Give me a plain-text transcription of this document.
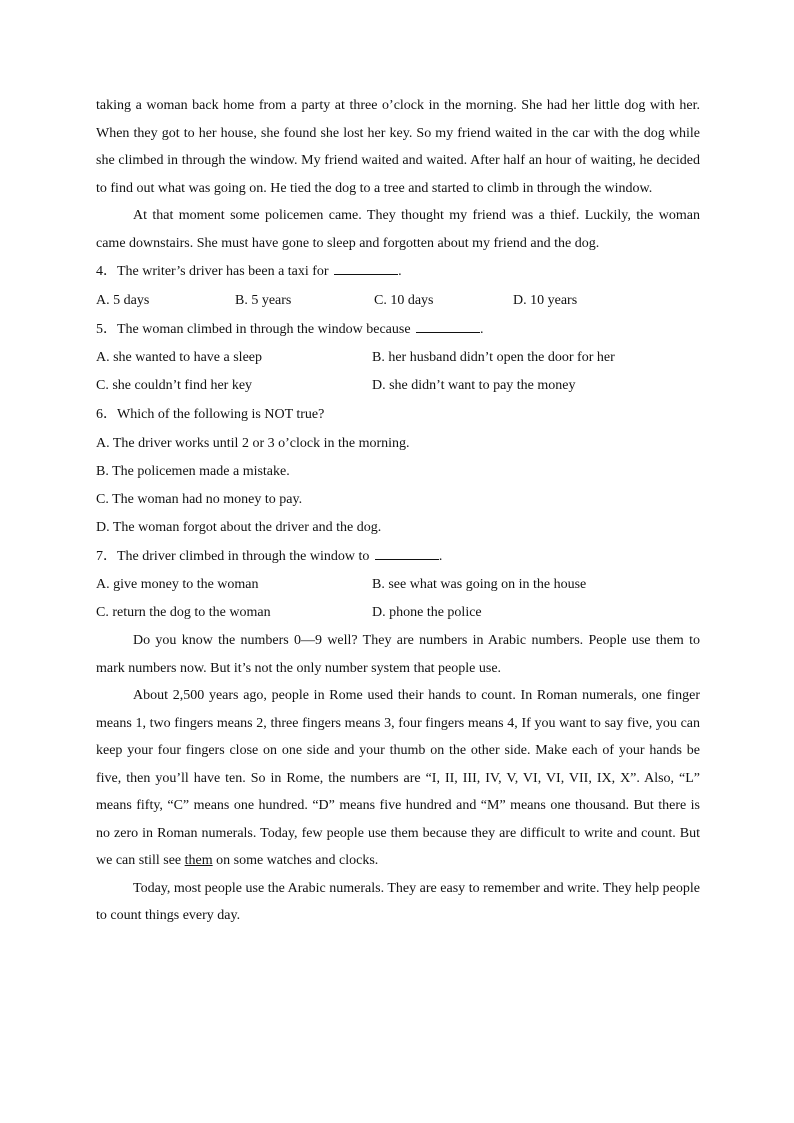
taking a woman back home from a party at three o’clock in the morning. She had her little dog with her. When they got to her house, she found she lost her key. So my friend waited in the car with the dog while she climbed in through the window. My friend waited and waited. After half an hour of waiting, he decided to find out what was going on. He tied the dog to a tree and started to climb in through the window.

At that moment some policemen came. They thought my friend was a thief. Luckily, the woman came downstairs. She must have gone to sleep and forgotten about my friend and the dog.

4．The writer’s driver has been a taxi for	.

A. 5 days	B. 5 years	C. 10 days	D. 10 years

5．The woman climbed in through the window because	.

A. she wanted to have a sleep	B. her husband didn’t open the door for her
C. she couldn’t find her key	D. she didn’t want to pay the money

6．Which of the following is NOT true?

A. The driver works until 2 or 3 o’clock in the morning.
B. The policemen made a mistake.
C. The woman had no money to pay.
D. The woman forgot about the driver and the dog.

7．The driver climbed in through the window to	.

A. give money to the woman	B. see what was going on in the house
C. return the dog to the woman	D. phone the police

Do you know the numbers 0—9 well? They are numbers in Arabic numbers. People use them to mark numbers now. But it’s not the only number system that people use.

About 2,500 years ago, people in Rome used their hands to count. In Roman numerals, one finger means 1, two fingers means 2, three fingers means 3, four fingers means 4, If you want to say five, you can keep your four fingers close on one side and your thumb on the other side. Make each of your hands be five, then you’ll have ten. So in Rome, the numbers are “I, II, III, IV, V, VI, VI, VII, IX, X”. Also, “L” means fifty, “C” means one hundred. “D” means five hundred and “M” means one thousand. But there is no zero in Roman numerals. Today, few people use them because they are difficult to write and count. But we can still see them on some watches and clocks.

Today, most people use the Arabic numerals. They are easy to remember and write. They help people to count things every day.
